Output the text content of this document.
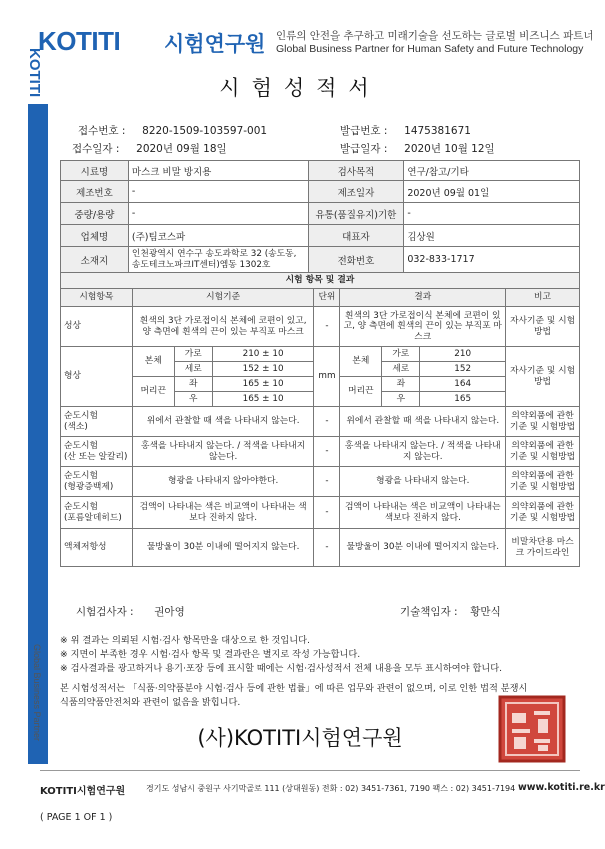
KOTITI 시험연구원 인류의 안전을 추구하고 미래기술을 선도하는 글로벌 비즈니스 파트너
Global Business Partner for Human Safety and Future Technology
시험성적서
KOTITI
Global Business Partner
접수번호 : 8220-1509-103597-001	발급번호 : 1475381671
접수일자 : 2020년 09월 18일	발급일자 : 2020년 10월 12일
시료명	마스크 비말 방지용	검사목적	연구/참고/기타
제조번호	-	제조일자	2020년 09월 01일
중량/용량	-	유통(품질유지)기한	-
업체명	(주)팀코스파	대표자	김상원
소재지	인천광역시 연수구 송도과학로 32 (송도동, 송도테크노파크IT센터)엠동 1302호	전화번호	032-833-1717
시험 항목 및 결과								
시험항목	시험기준			단위	결과			비고
성상	흰색의 3단 가로접이식 본체에 코편이 있고, 양 측면에 흰색의 끈이 있는 부직포 마스크			-	흰색의 3단 가로접이식 본체에 코편이 있고, 양 측면에 흰색의 끈이 있는 부직포 마스크			자사기준 및 시험방법
형상	본체	가로	210 ± 10	mm	본체	가로	210	자사기준 및 시험방법
		세로	152 ± 10			세로	152	
	머리끈	좌	165 ± 10		머리끈	좌	164	
		우	165 ± 10			우	165	

순도시험
(색소)	위에서 관찰할 때 색을 나타내지 않는다.			-	위에서 관찰할 때 색을 나타내지 않는다.			의약외품에 관한 기준 및 시험방법

순도시험
(산 또는 알칼리)	홍색을 나타내지 않는다. / 적색을 나타내지 않는다.			-	홍색을 나타내지 않는다. / 적색을 나타내지 않는다.			의약외품에 관한 기준 및 시험방법

순도시험
(형광증백제)	형광을 나타내지 않아야한다.			-	형광을 나타내지 않는다.			의약외품에 관한 기준 및 시험방법

순도시험
(포름알데히드)	검액이 나타내는 색은 비교액이 나타내는 색보다 진하지 않다.			-	검액이 나타내는 색은 비교액이 나타내는 색보다 진하지 않다.			의약외품에 관한 기준 및 시험방법

액체저항성	물방울이 30분 이내에 떨어지지 않는다.			-	물방울이 30분 이내에 떨어지지 않는다.			비말차단용 마스크 가이드라인
시험검사자 : 권아영	기술책임자 : 황만식
※ 위 결과는 의뢰된 시험·검사 항목만을 대상으로 한 것입니다.
※ 지면이 부족한 경우 시험·검사 항목 및 결과란은 별지로 작성 가능합니다.
※ 검사결과를 광고하거나 용기·포장 등에 표시할 때에는 시험·검사성적서 전체 내용을 모두 표시하여야 합니다.
본 시험성적서는 「식품·의약품분야 시험·검사 등에 관한 법률」에 따른 업무와 관련이 없으며, 이로 인한 법적 분쟁시
식품의약품안전처와 관련이 없음을 밝힙니다.
(사)KOTITI시험연구원
KOTITI시험연구원	경기도 성남시 중원구 사기막골로 111 (상대원동) 전화 : 02) 3451-7361, 7190 팩스 : 02) 3451-7194 www.kotiti.re.kr
( PAGE 1 OF 1 )
